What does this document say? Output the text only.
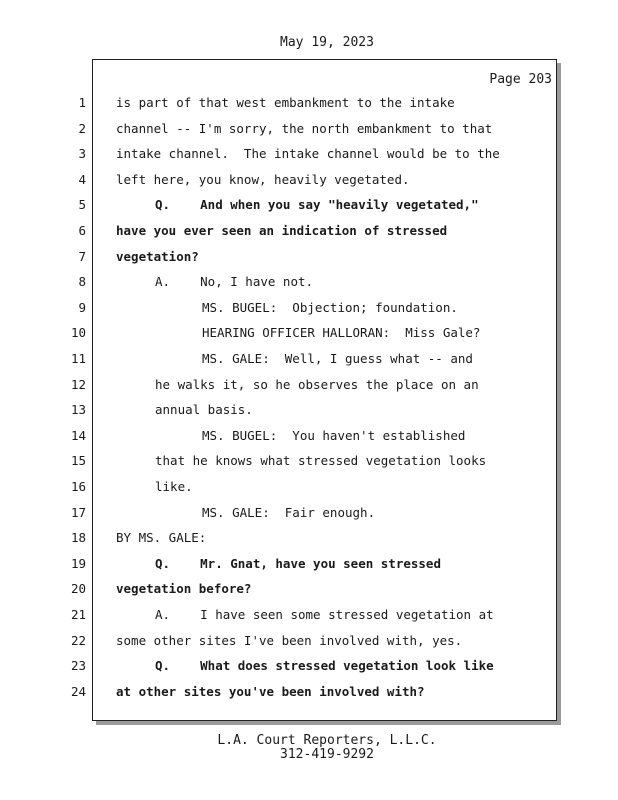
May 19, 2023
Page 203
1 is part of that west embankment to the intake
2 channel -- I'm sorry, the north embankment to that
3 intake channel.  The intake channel would be to the
4 left here, you know, heavily vegetated.
5	Q.    And when you say "heavily vegetated,"
6 have you ever seen an indication of stressed
7 vegetation?
8	A.    No, I have not.
9	MS. BUGEL:  Objection; foundation.
10	HEARING OFFICER HALLORAN:  Miss Gale?
11	MS. GALE:  Well, I guess what -- and
12	he walks it, so he observes the place on an
13	annual basis.
14	MS. BUGEL:  You haven't established
15	that he knows what stressed vegetation looks
16	like.
17	MS. GALE:  Fair enough.
18 BY MS. GALE:
19	Q.    Mr. Gnat, have you seen stressed
20 vegetation before?
21	A.    I have seen some stressed vegetation at
22 some other sites I've been involved with, yes.
23	Q.    What does stressed vegetation look like
24 at other sites you've been involved with?
L.A. Court Reporters, L.L.C.
312-419-9292
